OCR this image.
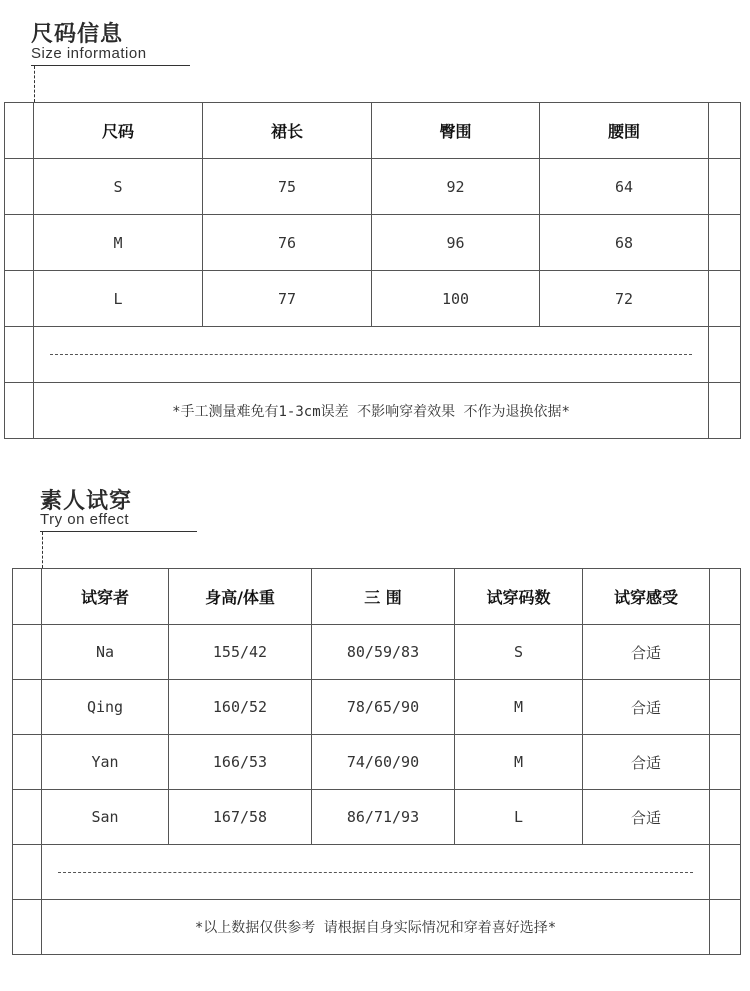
尺码信息
Size information
	尺码	裙长	臀围	腰围	
	S	75	92	64	
	M	76	96	68	
	L	77	100	72	

	*手工测量难免有1-3cm误差 不影响穿着效果 不作为退换依据*				
素人试穿
Try on effect
	试穿者	身高/体重	三 围	试穿码数	试穿感受	
	Na	155/42	80/59/83	S	合适	
	Qing	160/52	78/65/90	M	合适	
	Yan	166/53	74/60/90	M	合适	
	San	167/58	86/71/93	L	合适	

	*以上数据仅供参考 请根据自身实际情况和穿着喜好选择*					
